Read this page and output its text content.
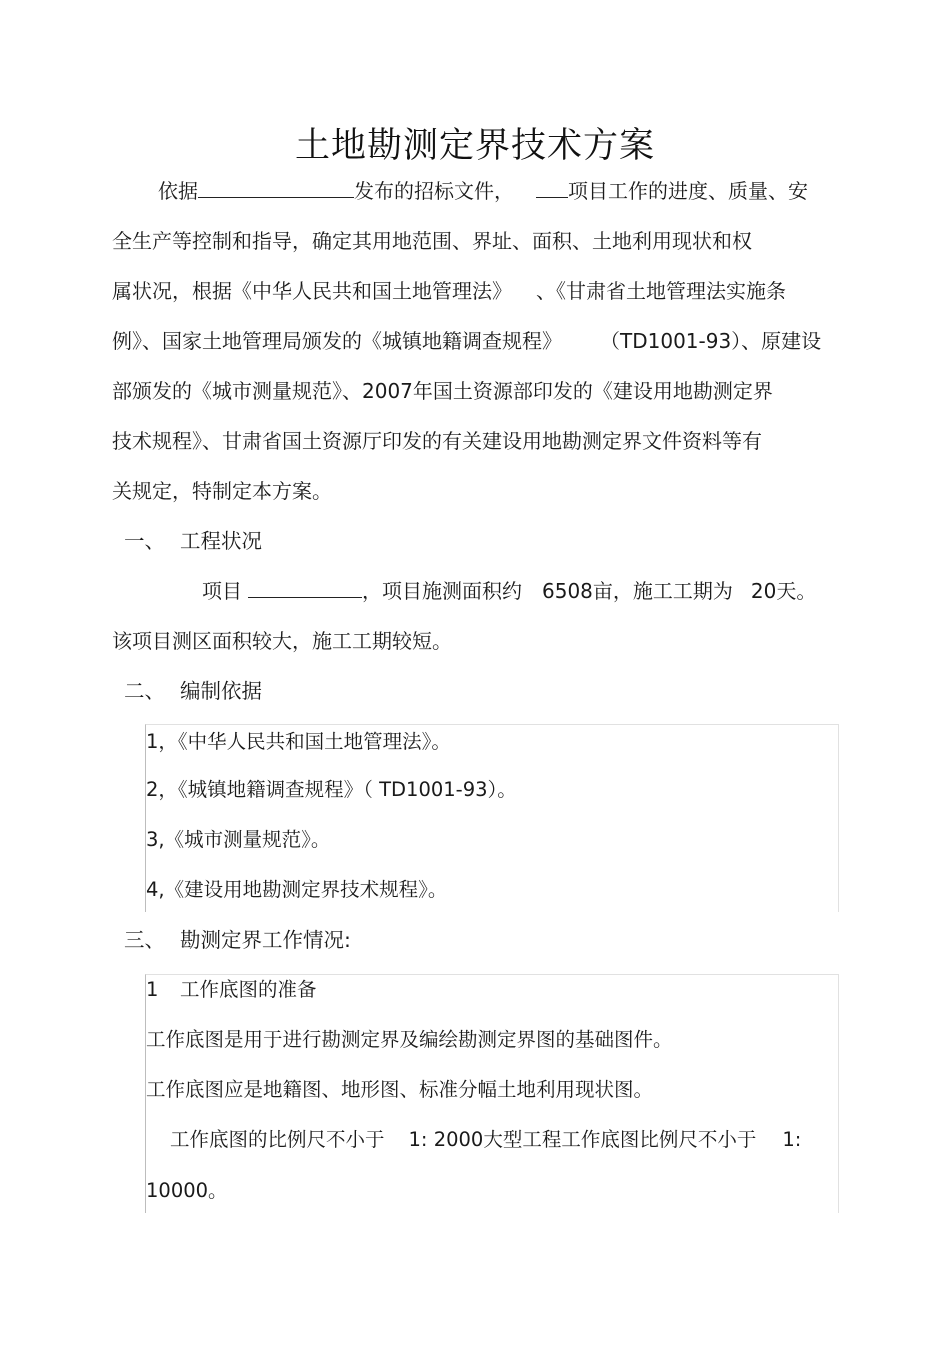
土地勘测定界技术方案
依据	发布的招标文件，	项目工作的进度、质量、安
全生产等控制和指导，确定其用地范围、界址、面积、土地利用现状和权
属状况，根据《中华人民共和国土地管理法》 、《甘肃省土地管理法实施条
例》、国家土地管理局颁发的《城镇地籍调查规程》 （TD1001-93）、原建设
部颁发的《城市测量规范》、2007年国土资源部印发的《建设用地勘测定界
技术规程》、甘肃省国土资源厅印发的有关建设用地勘测定界文件资料等有
关规定，特制定本方案。
一、 工程状况
项目	，项目施测面积约 6508亩，施工工期为 20天。
该项目测区面积较大，施工工期较短。
二、 编制依据
1，《中华人民共和国土地管理法》。
2，《城镇地籍调查规程》（ TD1001-93）。
3,《城市测量规范》。
4,《建设用地勘测定界技术规程》。
三、 勘测定界工作情况:
1 工作底图的准备
工作底图是用于进行勘测定界及编绘勘测定界图的基础图件。
工作底图应是地籍图、地形图、标准分幅土地利用现状图。
工作底图的比例尺不小于 1: 2000大型工程工作底图比例尺不小于 1:
10000。
